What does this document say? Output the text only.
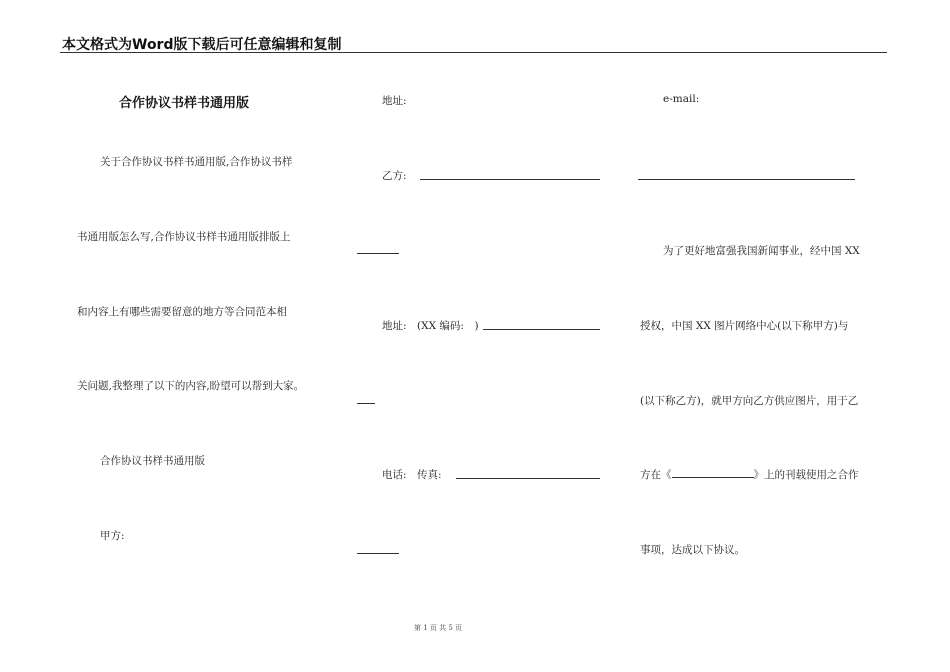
本文格式为Word版下载后可任意编辑和复制
合作协议书样书通用版
关于合作协议书样书通用版,合作协议书样
书通用版怎么写,合作协议书样书通用版排版上
和内容上有哪些需要留意的地方等合同范本相
关问题,我整理了以下的内容,盼望可以帮到大家。
合作协议书样书通用版
甲方:
地址:
乙方:
地址:　(XX 编码:　)
电话:　传真:
e-mail:
为了更好地富强我国新闻事业，经中国 XX
授权，中国 XX 图片网络中心(以下称甲方)与
(以下称乙方)，就甲方向乙方供应图片，用于乙
方在《	》上的刊载使用之合作
事项，达成以下协议。
第 1 页 共 5 页
